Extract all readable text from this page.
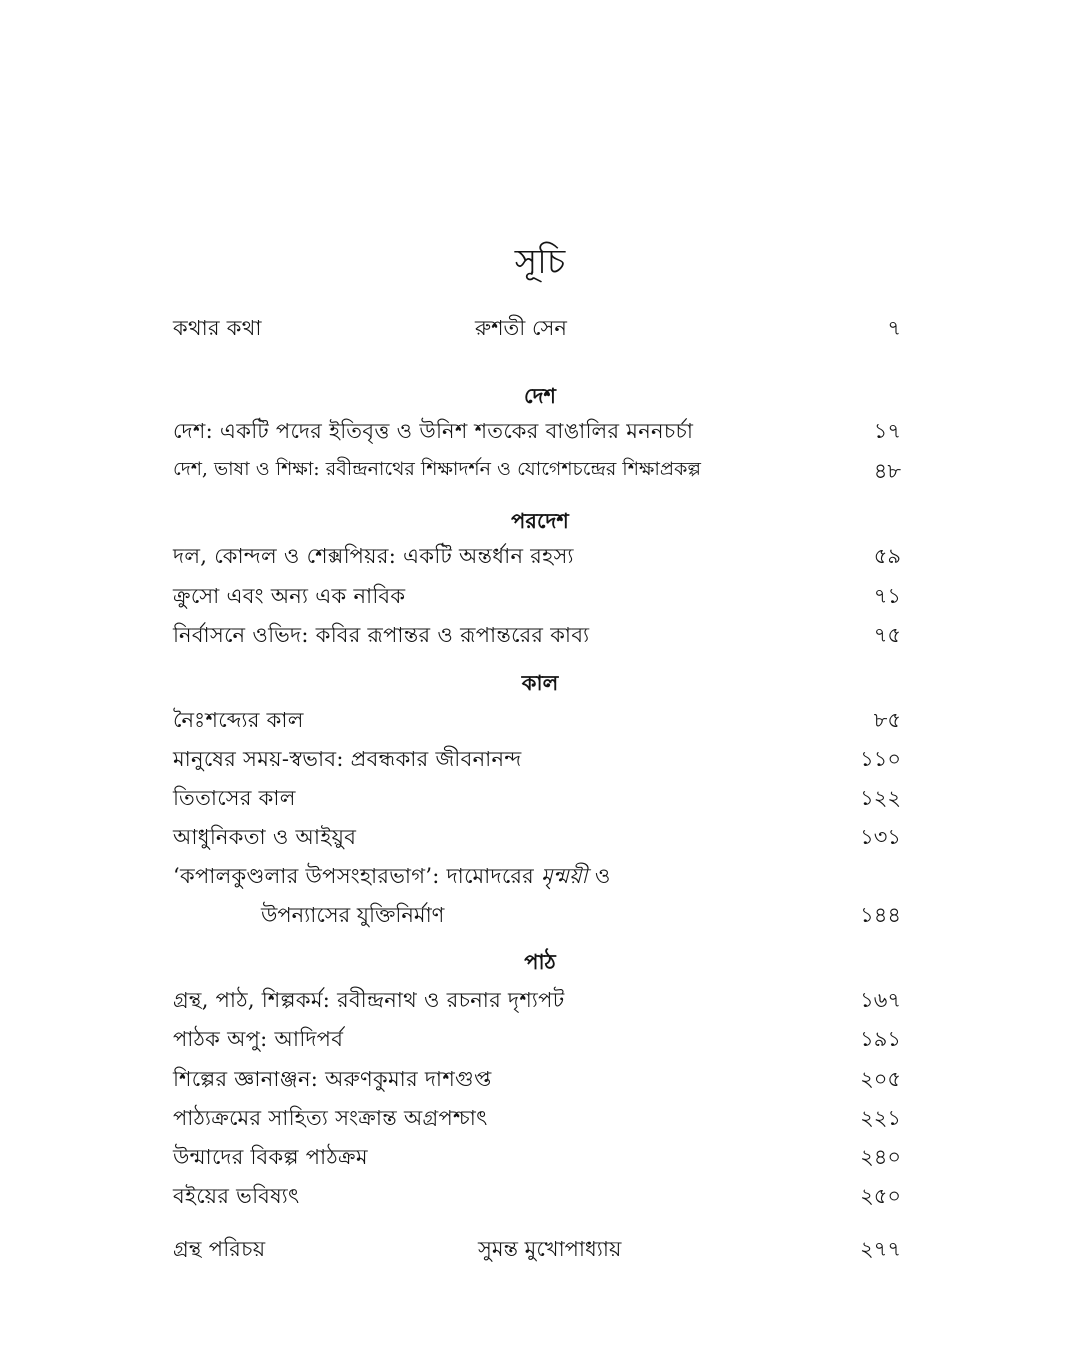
সূচি
কথার কথা	রুশতী সেন	৭
দেশ
দেশ: একটি পদের ইতিবৃত্ত ও উনিশ শতকের বাঙালির মননচর্চা	১৭
দেশ, ভাষা ও শিক্ষা: রবীন্দ্রনাথের শিক্ষাদর্শন ও যোগেশচন্দ্রের শিক্ষাপ্রকল্প	৪৮
পরদেশ
দল, কোন্দল ও শেক্সপিয়র: একটি অন্তর্ধান রহস্য	৫৯
ক্রুসো এবং অন্য এক নাবিক	৭১
নির্বাসনে ওভিদ: কবির রূপান্তর ও রূপান্তরের কাব্য	৭৫
কাল
নৈঃশব্দ্যের কাল	৮৫
মানুষের সময়-স্বভাব: প্রবন্ধকার জীবনানন্দ	১১০
তিতাসের কাল	১২২
আধুনিকতা ও আইয়ুব	১৩১
‘কপালকুণ্ডলার উপসংহারভাগ’: দামোদরের মৃন্ময়ী ও
উপন্যাসের যুক্তিনির্মাণ	১৪৪
পাঠ
গ্রন্থ, পাঠ, শিল্পকর্ম: রবীন্দ্রনাথ ও রচনার দৃশ্যপট	১৬৭
পাঠক অপু: আদিপর্ব	১৯১
শিল্পের জ্ঞানাঞ্জন: অরুণকুমার দাশগুপ্ত	২০৫
পাঠ্যক্রমের সাহিত্য সংক্রান্ত অগ্রপশ্চাৎ	২২১
উন্মাদের বিকল্প পাঠক্রম	২৪০
বইয়ের ভবিষ্যৎ	২৫০
গ্রন্থ পরিচয়	সুমন্ত মুখোপাধ্যায়	২৭৭
